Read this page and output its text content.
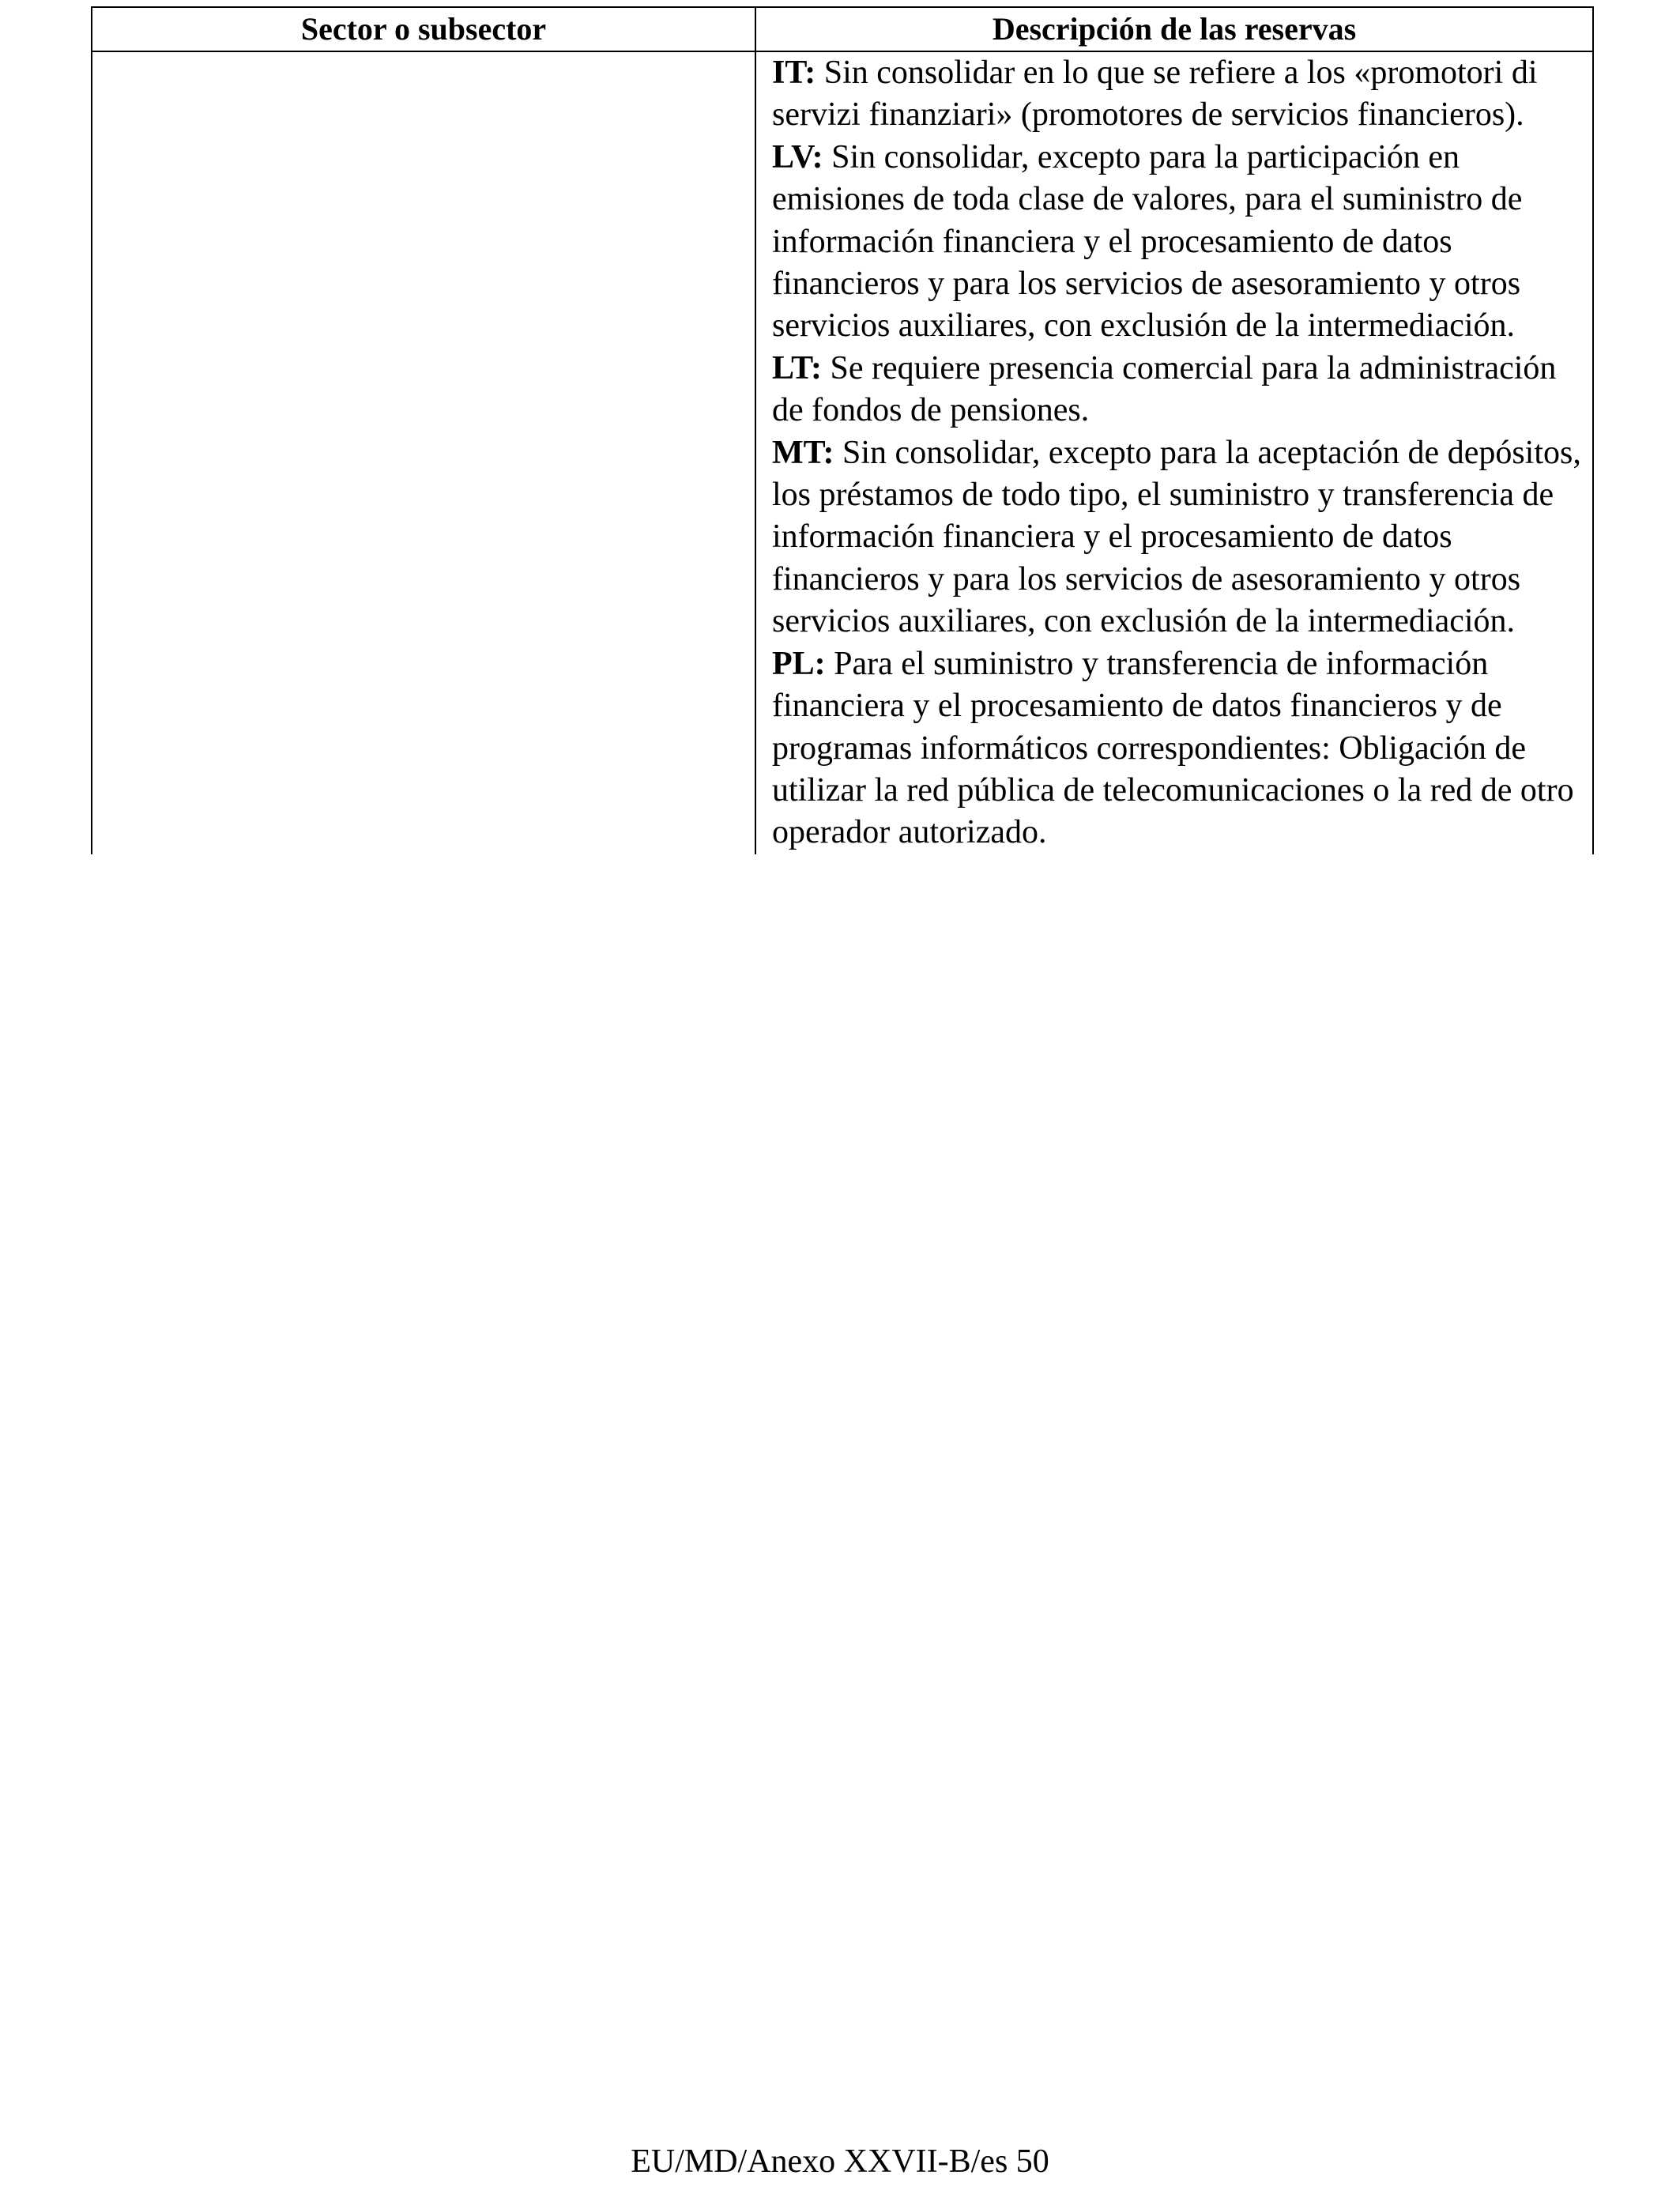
Sector o subsector	Descripción de las reservas

	IT: Sin consolidar en lo que se refiere a los «promotori di servizi finanziari» (promotores de servicios financieros).

LV: Sin consolidar, excepto para la participación en emisiones de toda clase de valores, para el suministro de información financiera y el procesamiento de datos financieros y para los servicios de asesoramiento y otros servicios auxiliares, con exclusión de la intermediación.

LT: Se requiere presencia comercial para la administración de fondos de pensiones.

MT: Sin consolidar, excepto para la aceptación de depósitos, los préstamos de todo tipo, el suministro y transferencia de información financiera y el procesamiento de datos financieros y para los servicios de asesoramiento y otros servicios auxiliares, con exclusión de la intermediación.

PL: Para el suministro y transferencia de información financiera y el procesamiento de datos financieros y de programas informáticos correspondientes: Obligación de utilizar la red pública de telecomunicaciones o la red de otro operador autorizado.

EU/MD/Anexo XXVII-B/es 50
